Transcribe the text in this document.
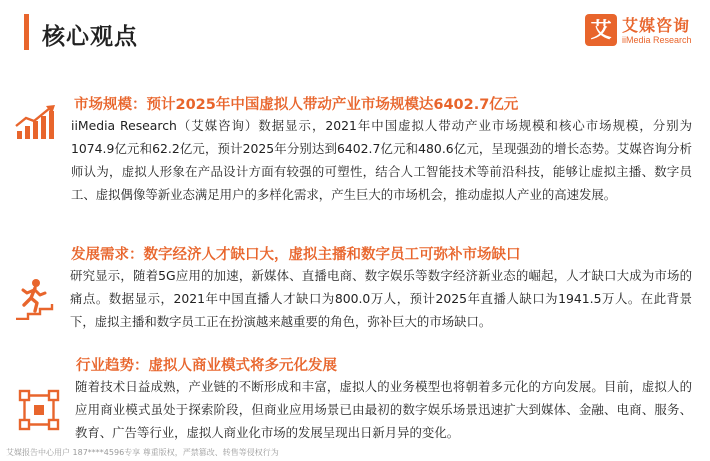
核心观点	艾 艾媒咨询
iiMedia Research
市场规模：预计2025年中国虚拟人带动产业市场规模达6402.7亿元
iiMedia Research（艾媒咨询）数据显示，2021年中国虚拟人带动产业市场规模和核心市场规模，分别为1074.9亿元和62.2亿元，预计2025年分别达到6402.7亿元和480.6亿元，呈现强劲的增长态势。艾媒咨询分析师认为，虚拟人形象在产品设计方面有较强的可塑性，结合人工智能技术等前沿科技，能够让虚拟主播、数字员工、虚拟偶像等新业态满足用户的多样化需求，产生巨大的市场机会，推动虚拟人产业的高速发展。
发展需求：数字经济人才缺口大，虚拟主播和数字员工可弥补市场缺口
研究显示，随着5G应用的加速，新媒体、直播电商、数字娱乐等数字经济新业态的崛起，人才缺口大成为市场的痛点。数据显示，2021年中国直播人才缺口为800.0万人，预计2025年直播人缺口为1941.5万人。在此背景下，虚拟主播和数字员工正在扮演越来越重要的角色，弥补巨大的市场缺口。
行业趋势：虚拟人商业模式将多元化发展
随着技术日益成熟，产业链的不断形成和丰富，虚拟人的业务模型也将朝着多元化的方向发展。目前，虚拟人的应用商业模式虽处于探索阶段，但商业应用场景已由最初的数字娱乐场景迅速扩大到媒体、金融、电商、服务、教育、广告等行业，虚拟人商业化市场的发展呈现出日新月异的变化。
艾媒报告中心用户 187****4596专享 尊重版权，严禁篡改、转售等侵权行为
